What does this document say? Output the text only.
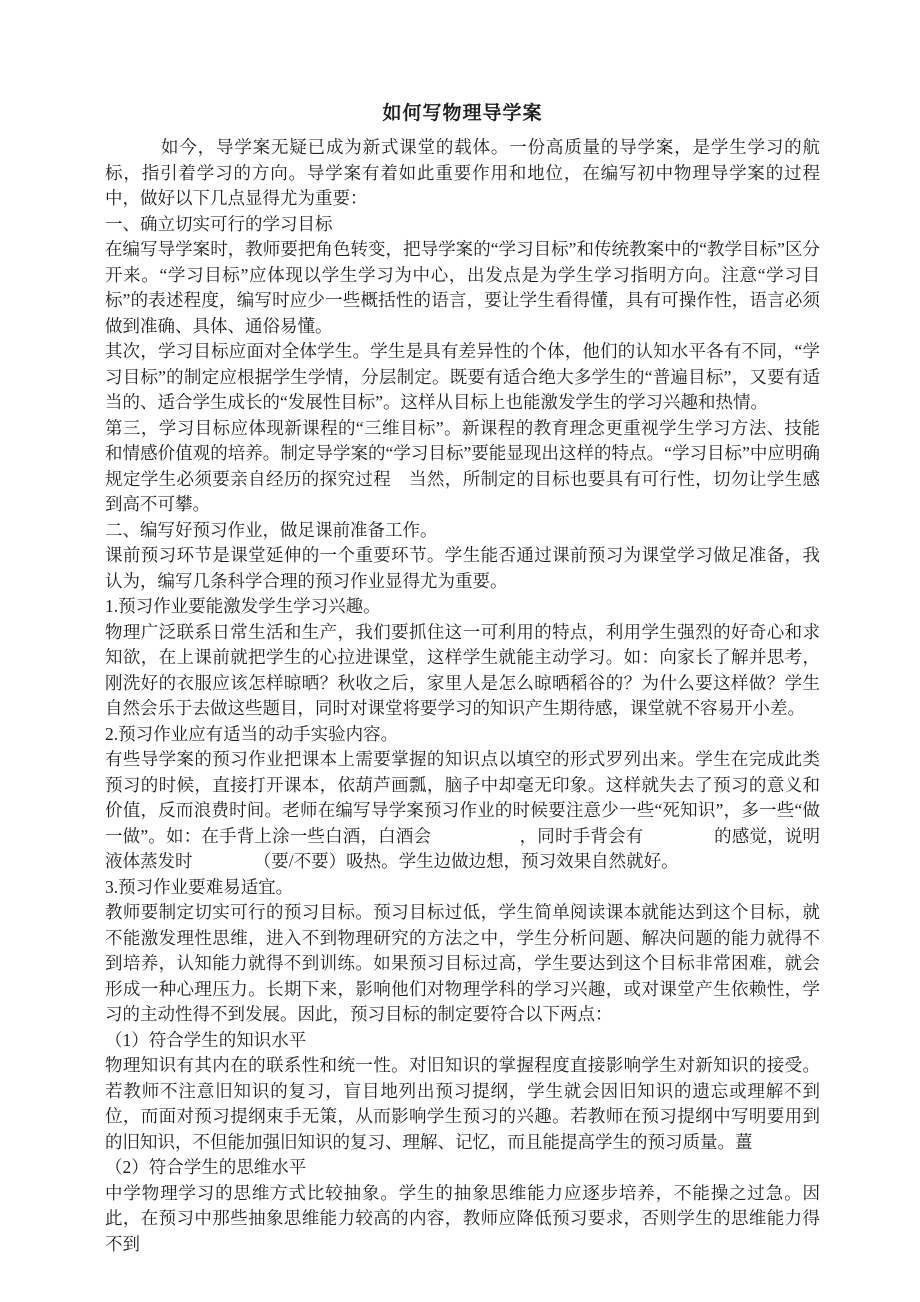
如何写物理导学案

如今，导学案无疑已成为新式课堂的载体。一份高质量的导学案，是学生学习的航标，指引着学习的方向。导学案有着如此重要作用和地位，在编写初中物理导学案的过程中，做好以下几点显得尤为重要：

一、确立切实可行的学习目标

在编写导学案时，教师要把角色转变，把导学案的“学习目标”和传统教案中的“教学目标”区分开来。“学习目标”应体现以学生学习为中心，出发点是为学生学习指明方向。注意“学习目标”的表述程度，编写时应少一些概括性的语言，要让学生看得懂，具有可操作性，语言必须做到准确、具体、通俗易懂。

其次，学习目标应面对全体学生。学生是具有差异性的个体，他们的认知水平各有不同，“学习目标”的制定应根据学生学情，分层制定。既要有适合绝大多学生的“普遍目标”，又要有适当的、适合学生成长的“发展性目标”。这样从目标上也能激发学生的学习兴趣和热情。

第三，学习目标应体现新课程的“三维目标”。新课程的教育理念更重视学生学习方法、技能和情感价值观的培养。制定导学案的“学习目标”要能显现出这样的特点。“学习目标”中应明确规定学生必须要亲自经历的探究过程　当然，所制定的目标也要具有可行性，切勿让学生感到高不可攀。

二、编写好预习作业，做足课前准备工作。

课前预习环节是课堂延伸的一个重要环节。学生能否通过课前预习为课堂学习做足准备，我认为，编写几条科学合理的预习作业显得尤为重要。

1.预习作业要能激发学生学习兴趣。

物理广泛联系日常生活和生产，我们要抓住这一可利用的特点，利用学生强烈的好奇心和求知欲，在上课前就把学生的心拉进课堂，这样学生就能主动学习。如：向家长了解并思考，刚洗好的衣服应该怎样晾晒？秋收之后，家里人是怎么晾晒稻谷的？为什么要这样做？学生自然会乐于去做这些题目，同时对课堂将要学习的知识产生期待感，课堂就不容易开小差。

2.预习作业应有适当的动手实验内容。

有些导学案的预习作业把课本上需要掌握的知识点以填空的形式罗列出来。学生在完成此类预习的时候，直接打开课本，依葫芦画瓢，脑子中却毫无印象。这样就失去了预习的意义和价值，反而浪费时间。老师在编写导学案预习作业的时候要注意少一些“死知识”，多一些“做一做”。如：在手背上涂一些白酒，白酒会　　　　　，同时手背会有　　　　的感觉，说明液体蒸发时　　　　（要/不要）吸热。学生边做边想，预习效果自然就好。

3.预习作业要难易适宜。

教师要制定切实可行的预习目标。预习目标过低，学生简单阅读课本就能达到这个目标，就不能激发理性思维，进入不到物理研究的方法之中，学生分析问题、解决问题的能力就得不到培养，认知能力就得不到训练。如果预习目标过高，学生要达到这个目标非常困难，就会形成一种心理压力。长期下来，影响他们对物理学科的学习兴趣，或对课堂产生依赖性，学习的主动性得不到发展。因此，预习目标的制定要符合以下两点：

（1）符合学生的知识水平

物理知识有其内在的联系性和统一性。对旧知识的掌握程度直接影响学生对新知识的接受。若教师不注意旧知识的复习，盲目地列出预习提纲，学生就会因旧知识的遗忘或理解不到位，而面对预习提纲束手无策，从而影响学生预习的兴趣。若教师在预习提纲中写明要用到的旧知识，不但能加强旧知识的复习、理解、记忆，而且能提高学生的预习质量。薑

（2）符合学生的思维水平

中学物理学习的思维方式比较抽象。学生的抽象思维能力应逐步培养，不能操之过急。因此，在预习中那些抽象思维能力较高的内容，教师应降低预习要求，否则学生的思维能力得不到
